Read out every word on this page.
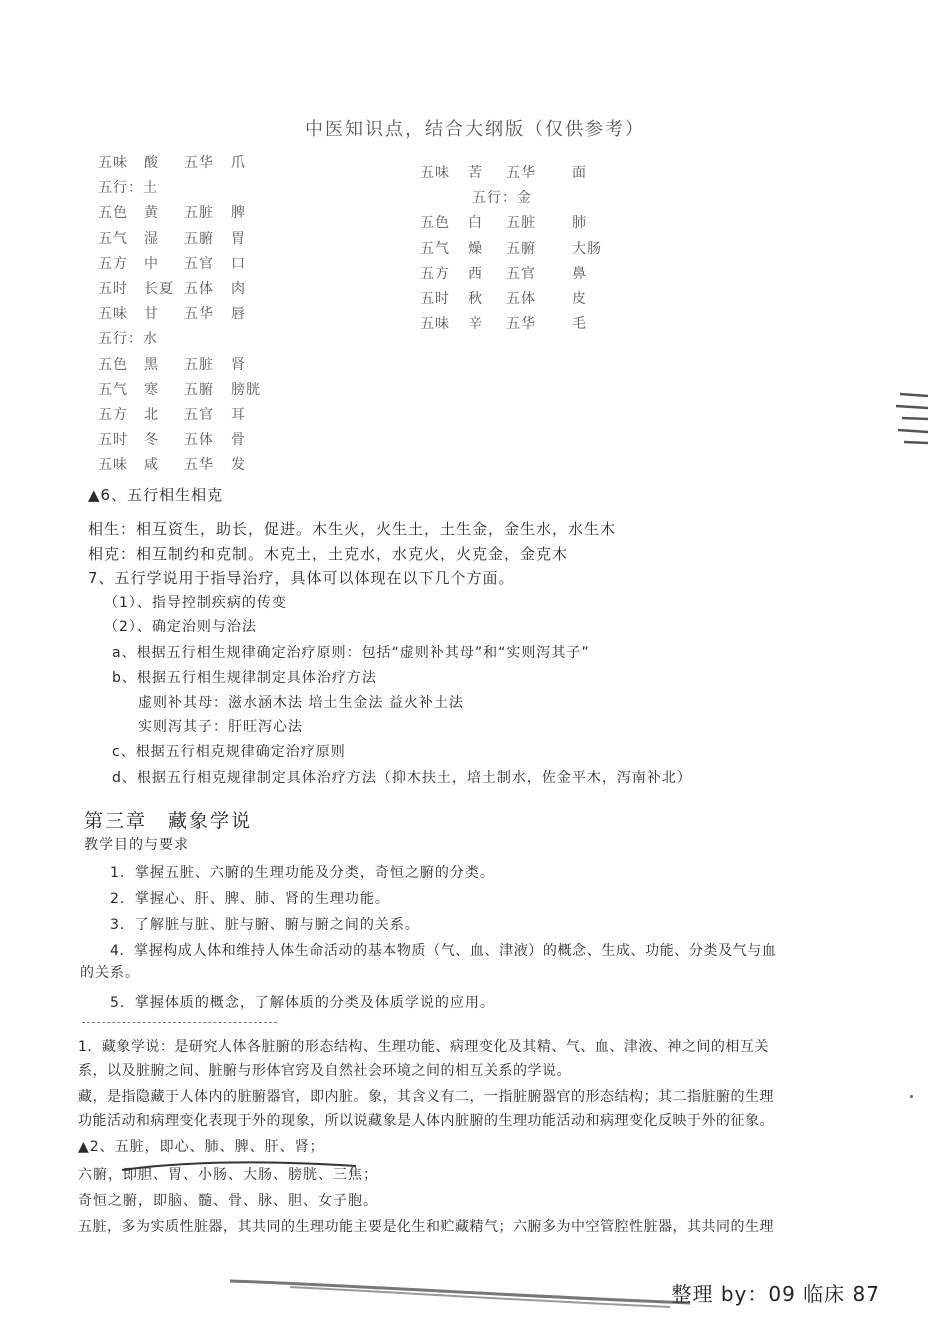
中医知识点，结合大纲版（仅供参考）
五味 酸 五华 爪
五行：土
五色 黄 五脏 脾
五气 湿 五腑 胃
五方 中 五官 口
五时 长夏 五体 肉
五味 甘 五华 唇
五行：水
五色 黑 五脏 肾
五气 寒 五腑 膀胱
五方 北 五官 耳
五时 冬 五体 骨
五味 咸 五华 发
五味 苦 五华	面
五行：金
五色 白 五脏	肺
五气 燥 五腑	大肠
五方 西 五官	鼻
五时 秋 五体	皮
五味 辛 五华	毛
▲6、五行相生相克
相生：相互资生，助长，促进。木生火，火生土，土生金，金生水，水生木
相克：相互制约和克制。木克土，土克水，水克火，火克金，金克木
7、五行学说用于指导治疗，具体可以体现在以下几个方面。
（1）、指导控制疾病的传变
（2）、确定治则与治法
a、根据五行相生规律确定治疗原则：包括“虚则补其母”和“实则泻其子”
b、根据五行相生规律制定具体治疗方法
虚则补其母：滋水涵木法 培土生金法 益火补土法
实则泻其子：肝旺泻心法
c、根据五行相克规律确定治疗原则
d、根据五行相克规律制定具体治疗方法（抑木扶土，培土制水，佐金平木，泻南补北）
第三章　藏象学说
教学目的与要求
1．掌握五脏、六腑的生理功能及分类，奇恒之腑的分类。
2．掌握心、肝、脾、肺、肾的生理功能。
3．了解脏与脏、脏与腑、腑与腑之间的关系。
4．掌握构成人体和维持人体生命活动的基本物质（气、血、津液）的概念、生成、功能、分类及气与血
的关系。
5．掌握体质的概念，了解体质的分类及体质学说的应用。
1．藏象学说：是研究人体各脏腑的形态结构、生理功能、病理变化及其精、气、血、津液、神之间的相互关
系，以及脏腑之间、脏腑与形体官窍及自然社会环境之间的相互关系的学说。
藏，是指隐藏于人体内的脏腑器官，即内脏。象，其含义有二，一指脏腑器官的形态结构；其二指脏腑的生理
功能活动和病理变化表现于外的现象，所以说藏象是人体内脏腑的生理功能活动和病理变化反映于外的征象。
▲2、五脏，即心、肺、脾、肝、肾；
六腑，即胆、胃、小肠、大肠、膀胱、三焦；
奇恒之腑，即脑、髓、骨、脉、胆、女子胞。
五脏，多为实质性脏器，其共同的生理功能主要是化生和贮藏精气；六腑多为中空管腔性脏器，其共同的生理
整理 by：09 临床 87
